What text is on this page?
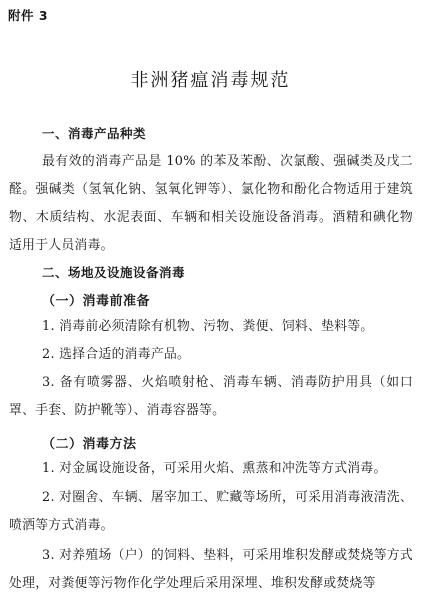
附件 3
非洲猪瘟消毒规范
一、消毒产品种类
最有效的消毒产品是 10% 的苯及苯酚、次氯酸、强碱类及戊二醛。强碱类（氢氧化钠、氢氧化钾等）、氯化物和酚化合物适用于建筑物、木质结构、水泥表面、车辆和相关设施设备消毒。酒精和碘化物适用于人员消毒。
二、场地及设施设备消毒
（一）消毒前准备
1. 消毒前必须清除有机物、污物、粪便、饲料、垫料等。
2. 选择合适的消毒产品。
3. 备有喷雾器、火焰喷射枪、消毒车辆、消毒防护用具（如口罩、手套、防护靴等）、消毒容器等。
（二）消毒方法
1. 对金属设施设备，可采用火焰、熏蒸和冲洗等方式消毒。
2. 对圈舍、车辆、屠宰加工、贮藏等场所，可采用消毒液清洗、喷洒等方式消毒。
3. 对养殖场（户）的饲料、垫料，可采用堆积发酵或焚烧等方式处理，对粪便等污物作化学处理后采用深埋、堆积发酵或焚烧等
